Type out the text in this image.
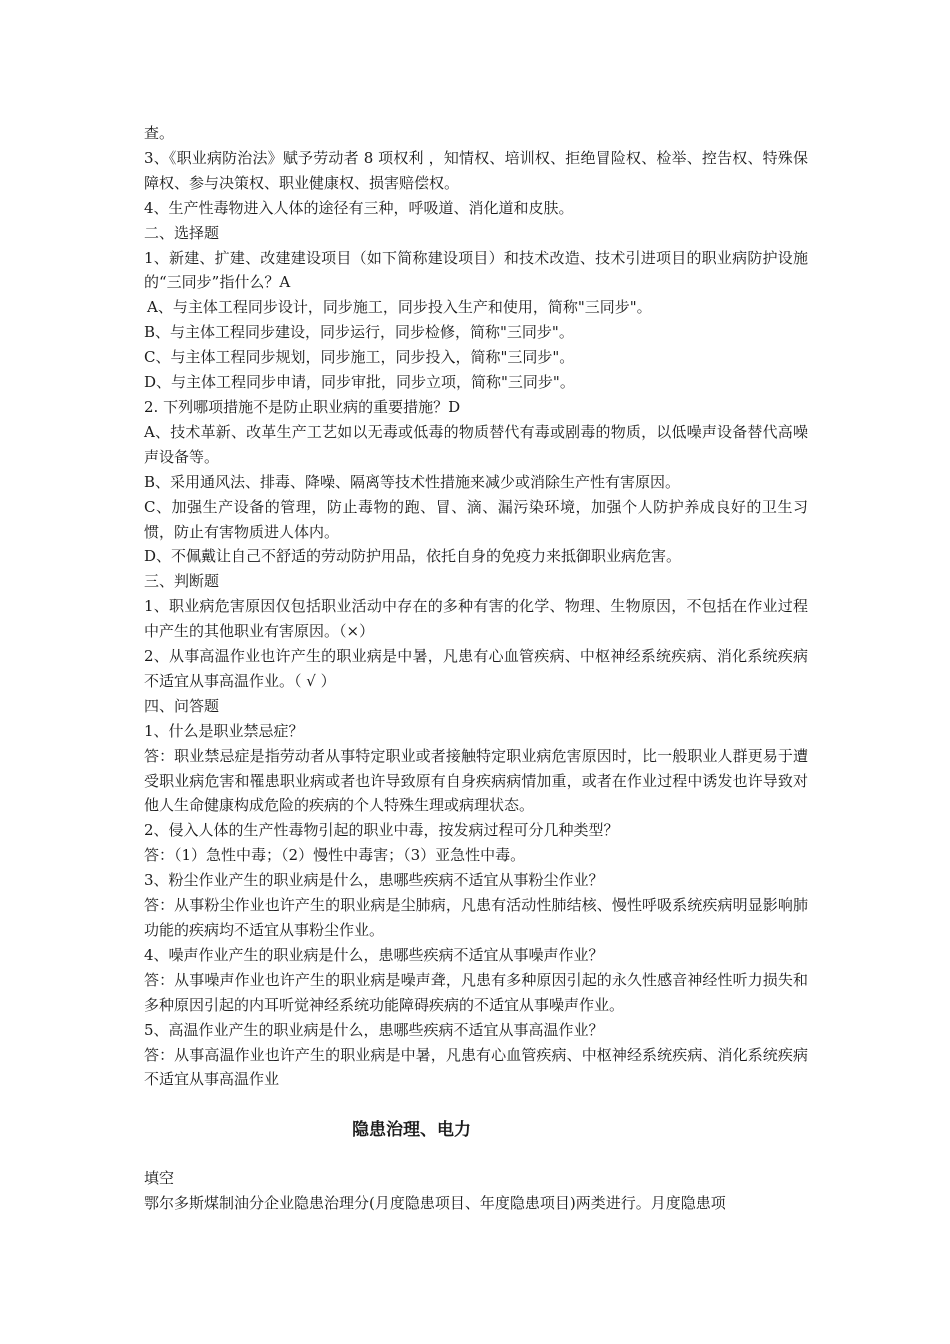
查。

3、《职业病防治法》赋予劳动者 8 项权利 ，知情权、培训权、拒绝冒险权、检举、控告权、特殊保障权、参与决策权、职业健康权、损害赔偿权。

4、生产性毒物进入人体的途径有三种，呼吸道、消化道和皮肤。

二、选择题

1、新建、扩建、改建建设项目（如下简称建设项目）和技术改造、技术引进项目的职业病防护设施的“三同步”指什么？A

A、与主体工程同步设计，同步施工，同步投入生产和使用，简称"三同步"。

B、与主体工程同步建设，同步运行，同步检修，简称"三同步"。

C、与主体工程同步规划，同步施工，同步投入，简称"三同步"。

D、与主体工程同步申请，同步审批，同步立项，简称"三同步"。

2. 下列哪项措施不是防止职业病的重要措施？D

A、技术革新、改革生产工艺如以无毒或低毒的物质替代有毒或剧毒的物质，以低噪声设备替代高噪声设备等。

B、采用通风法、排毒、降噪、隔离等技术性措施来减少或消除生产性有害原因。

C、加强生产设备的管理，防止毒物的跑、冒、滴、漏污染环境，加强个人防护养成良好的卫生习惯，防止有害物质进人体内。

D、不佩戴让自己不舒适的劳动防护用品，依托自身的免疫力来抵御职业病危害。

三、判断题

1、职业病危害原因仅包括职业活动中存在的多种有害的化学、物理、生物原因，不包括在作业过程中产生的其他职业有害原因。（×）

2、从事高温作业也许产生的职业病是中暑，凡患有心血管疾病、中枢神经系统疾病、消化系统疾病不适宜从事高温作业。（ √ ）

四、问答题

1、什么是职业禁忌症？

答：职业禁忌症是指劳动者从事特定职业或者接触特定职业病危害原因时，比一般职业人群更易于遭受职业病危害和罹患职业病或者也许导致原有自身疾病病情加重，或者在作业过程中诱发也许导致对他人生命健康构成危险的疾病的个人特殊生理或病理状态。

2、侵入人体的生产性毒物引起的职业中毒，按发病过程可分几种类型？

答：（1）急性中毒；（2）慢性中毒害；（3）亚急性中毒。

3、粉尘作业产生的职业病是什么，患哪些疾病不适宜从事粉尘作业？

答：从事粉尘作业也许产生的职业病是尘肺病，凡患有活动性肺结核、慢性呼吸系统疾病明显影响肺功能的疾病均不适宜从事粉尘作业。

4、噪声作业产生的职业病是什么，患哪些疾病不适宜从事噪声作业？

答：从事噪声作业也许产生的职业病是噪声聋，凡患有多种原因引起的永久性感音神经性听力损失和多种原因引起的内耳听觉神经系统功能障碍疾病的不适宜从事噪声作业。

5、高温作业产生的职业病是什么，患哪些疾病不适宜从事高温作业？

答：从事高温作业也许产生的职业病是中暑，凡患有心血管疾病、中枢神经系统疾病、消化系统疾病不适宜从事高温作业

隐患治理、电力

填空

鄂尔多斯煤制油分企业隐患治理分(月度隐患项目、年度隐患项目)两类进行。月度隐患项
